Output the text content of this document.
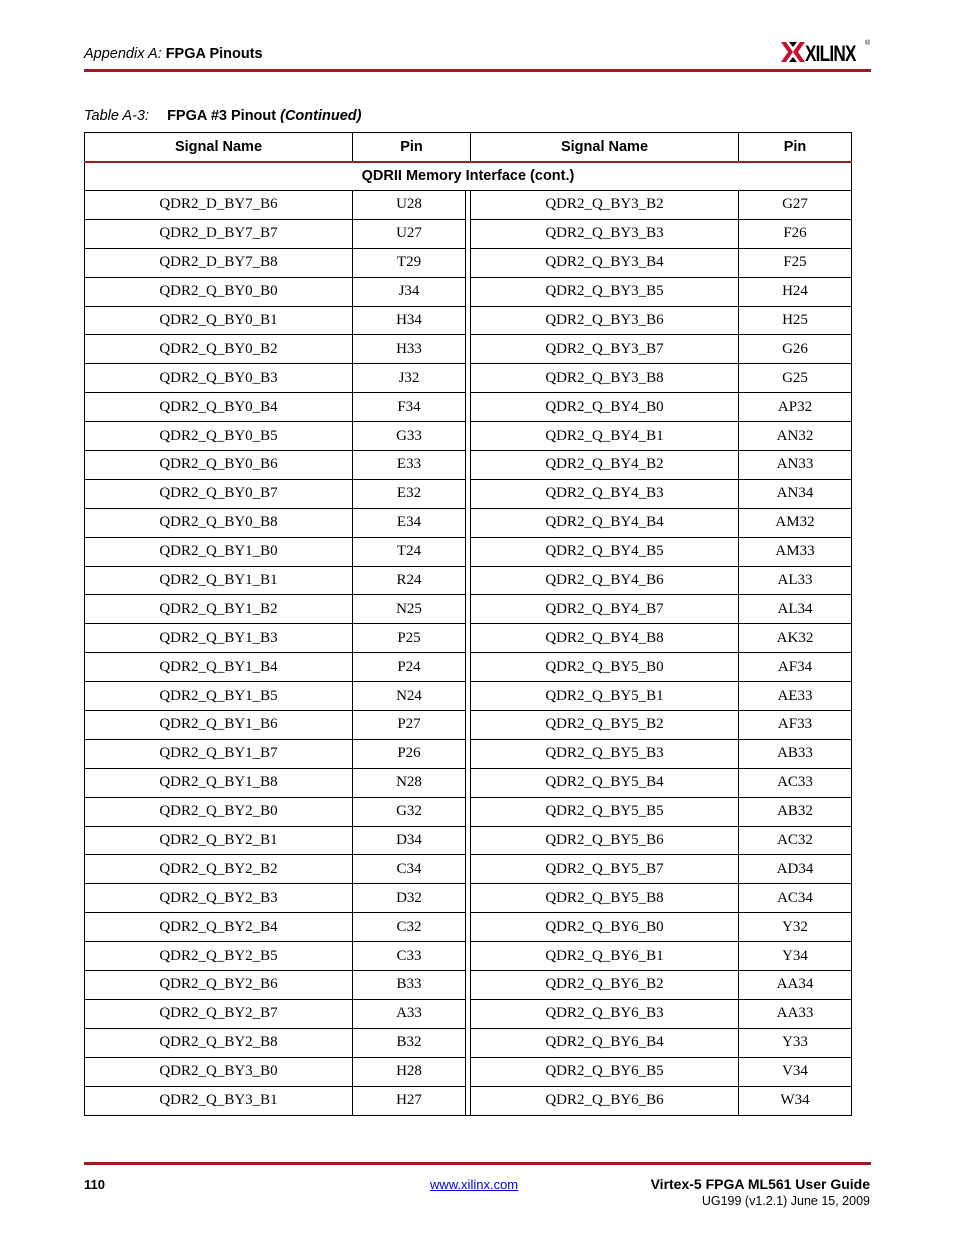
Appendix A: FPGA Pinouts	XILINX ®
Table A-3: FPGA #3 Pinout (Continued)
Signal Name	Pin		Signal Name	Pin
QDRII Memory Interface (cont.)				
QDR2_D_BY7_B6	U28		QDR2_Q_BY3_B2	G27
QDR2_D_BY7_B7	U27		QDR2_Q_BY3_B3	F26
QDR2_D_BY7_B8	T29		QDR2_Q_BY3_B4	F25
QDR2_Q_BY0_B0	J34		QDR2_Q_BY3_B5	H24
QDR2_Q_BY0_B1	H34		QDR2_Q_BY3_B6	H25
QDR2_Q_BY0_B2	H33		QDR2_Q_BY3_B7	G26
QDR2_Q_BY0_B3	J32		QDR2_Q_BY3_B8	G25
QDR2_Q_BY0_B4	F34		QDR2_Q_BY4_B0	AP32
QDR2_Q_BY0_B5	G33		QDR2_Q_BY4_B1	AN32
QDR2_Q_BY0_B6	E33		QDR2_Q_BY4_B2	AN33
QDR2_Q_BY0_B7	E32		QDR2_Q_BY4_B3	AN34
QDR2_Q_BY0_B8	E34		QDR2_Q_BY4_B4	AM32
QDR2_Q_BY1_B0	T24		QDR2_Q_BY4_B5	AM33
QDR2_Q_BY1_B1	R24		QDR2_Q_BY4_B6	AL33
QDR2_Q_BY1_B2	N25		QDR2_Q_BY4_B7	AL34
QDR2_Q_BY1_B3	P25		QDR2_Q_BY4_B8	AK32
QDR2_Q_BY1_B4	P24		QDR2_Q_BY5_B0	AF34
QDR2_Q_BY1_B5	N24		QDR2_Q_BY5_B1	AE33
QDR2_Q_BY1_B6	P27		QDR2_Q_BY5_B2	AF33
QDR2_Q_BY1_B7	P26		QDR2_Q_BY5_B3	AB33
QDR2_Q_BY1_B8	N28		QDR2_Q_BY5_B4	AC33
QDR2_Q_BY2_B0	G32		QDR2_Q_BY5_B5	AB32
QDR2_Q_BY2_B1	D34		QDR2_Q_BY5_B6	AC32
QDR2_Q_BY2_B2	C34		QDR2_Q_BY5_B7	AD34
QDR2_Q_BY2_B3	D32		QDR2_Q_BY5_B8	AC34
QDR2_Q_BY2_B4	C32		QDR2_Q_BY6_B0	Y32
QDR2_Q_BY2_B5	C33		QDR2_Q_BY6_B1	Y34
QDR2_Q_BY2_B6	B33		QDR2_Q_BY6_B2	AA34
QDR2_Q_BY2_B7	A33		QDR2_Q_BY6_B3	AA33
QDR2_Q_BY2_B8	B32		QDR2_Q_BY6_B4	Y33
QDR2_Q_BY3_B0	H28		QDR2_Q_BY6_B5	V34
QDR2_Q_BY3_B1	H27		QDR2_Q_BY6_B6	W34
110	www.xilinx.com	Virtex-5 FPGA ML561 User Guide
UG199 (v1.2.1) June 15, 2009
